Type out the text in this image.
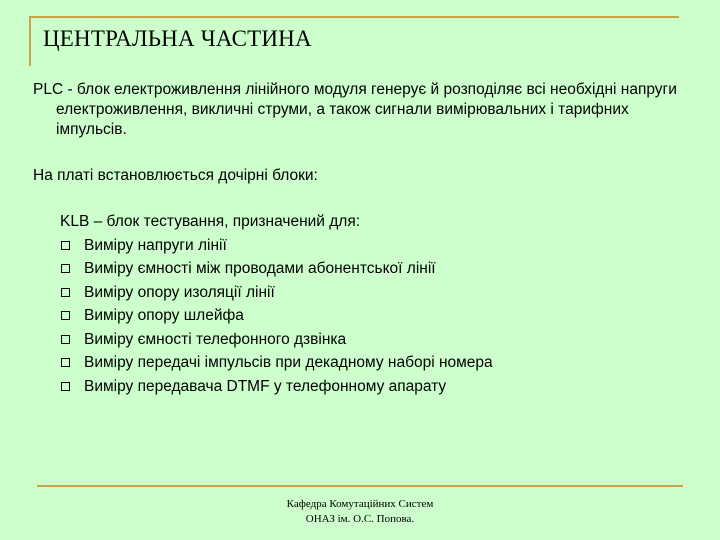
ЦЕНТРАЛЬНА ЧАСТИНА
PLC - блок електроживлення лінійного модуля генерує й розподіляє всі необхідні напруги електроживлення, викличні струми, а також сигнали вимірювальних і тарифних імпульсів.
На платі встановлюється дочірні блоки:
KLB – блок тестування, призначений для:
Виміру напруги лінії
Виміру ємності між проводами абонентської лінії
Виміру опору изоляції лінії
Виміру опору шлейфа
Виміру ємності телефонного дзвінка
Виміру передачі імпульсів при декадному наборі номера
Виміру передавача DTMF у телефонному апарату
Кафедра Комутаційних Систем
ОНАЗ ім. О.С. Попова.
